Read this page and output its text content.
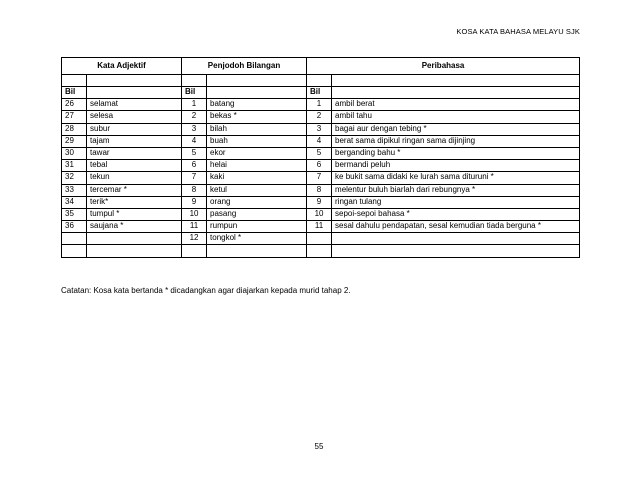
KOSA KATA BAHASA MELAYU SJK
Kata Adjektif		Penjodoh Bilangan		Peribahasa	

Bil		Bil		Bil	
26	selamat	1	batang	1	ambil berat
27	selesa	2	bekas *	2	ambil tahu
28	subur	3	bilah	3	bagai aur dengan tebing *
29	tajam	4	buah	4	berat sama dipikul ringan sama dijinjing
30	tawar	5	ekor	5	berganding bahu *
31	tebal	6	helai	6	bermandi peluh
32	tekun	7	kaki	7	ke bukit sama didaki ke lurah sama dituruni *
33	tercemar *	8	ketul	8	melentur buluh biarlah dari rebungnya *
34	terik*	9	orang	9	ringan tulang
35	tumpul *	10	pasang	10	sepoi-sepoi bahasa *
36	saujana *	11	rumpun	11	sesal dahulu pendapatan, sesal kemudian tiada berguna *
		12	tongkol *		

Catatan: Kosa kata bertanda * dicadangkan agar diajarkan kepada murid tahap 2.
55
